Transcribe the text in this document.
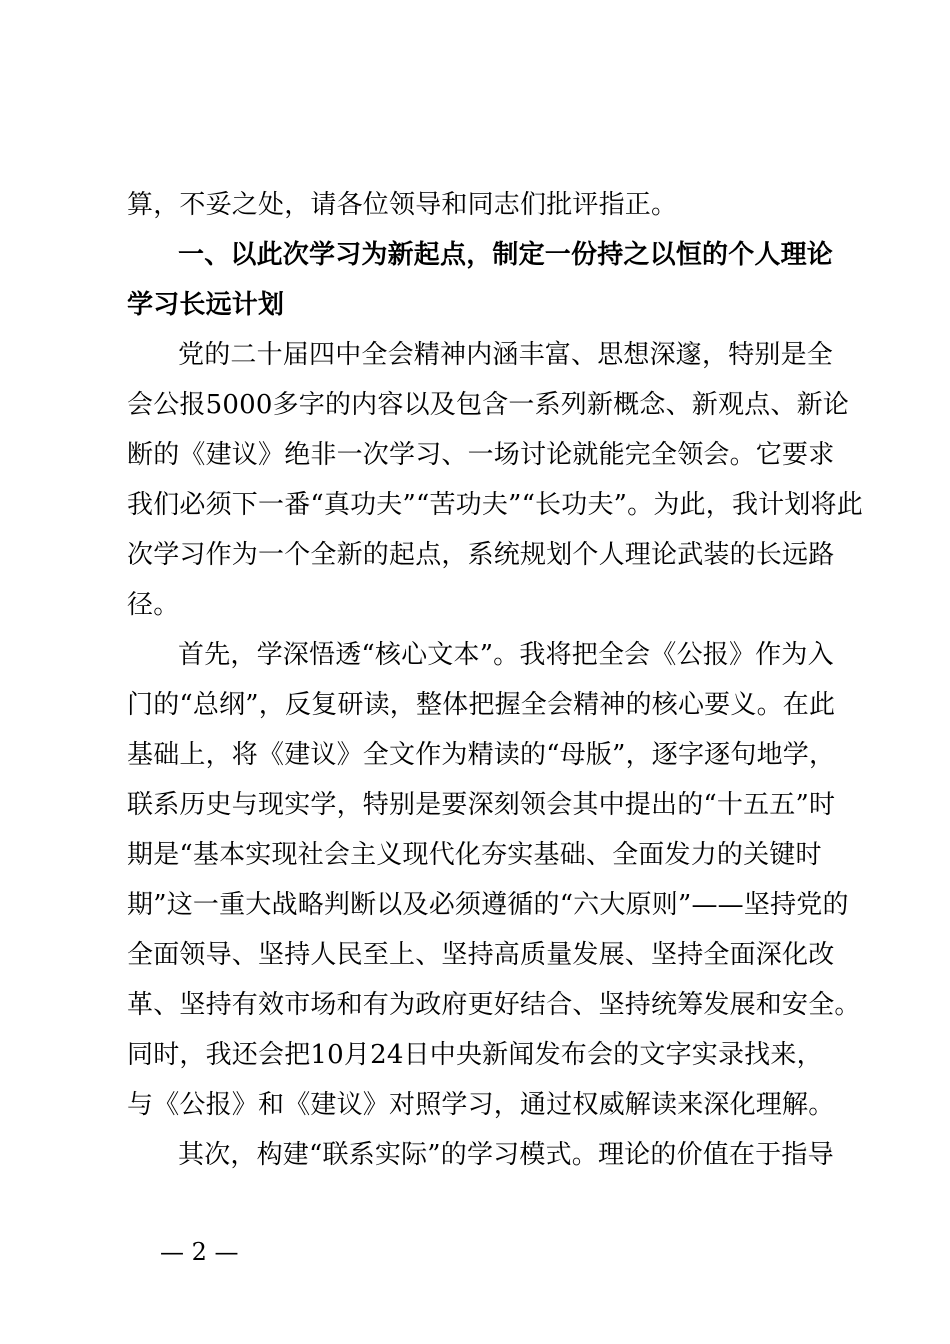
算，不妥之处，请各位领导和同志们批评指正。
一、以此次学习为新起点，制定一份持之以恒的个人理论
学习长远计划
党的二十届四中全会精神内涵丰富、思想深邃，特别是全
会公报5000多字的内容以及包含一系列新概念、新观点、新论
断的《建议》绝非一次学习、一场讨论就能完全领会。它要求
我们必须下一番“真功夫”“苦功夫”“长功夫”。为此，我计划将此
次学习作为一个全新的起点，系统规划个人理论武装的长远路
径。
首先，学深悟透“核心文本”。我将把全会《公报》作为入
门的“总纲”，反复研读，整体把握全会精神的核心要义。在此
基础上，将《建议》全文作为精读的“母版”，逐字逐句地学，
联系历史与现实学，特别是要深刻领会其中提出的“十五五”时
期是“基本实现社会主义现代化夯实基础、全面发力的关键时
期”这一重大战略判断以及必须遵循的“六大原则”——坚持党的
全面领导、坚持人民至上、坚持高质量发展、坚持全面深化改
革、坚持有效市场和有为政府更好结合、坚持统筹发展和安全。
同时，我还会把10月24日中央新闻发布会的文字实录找来，
与《公报》和《建议》对照学习，通过权威解读来深化理解。
其次，构建“联系实际”的学习模式。理论的价值在于指导
— 2 —
